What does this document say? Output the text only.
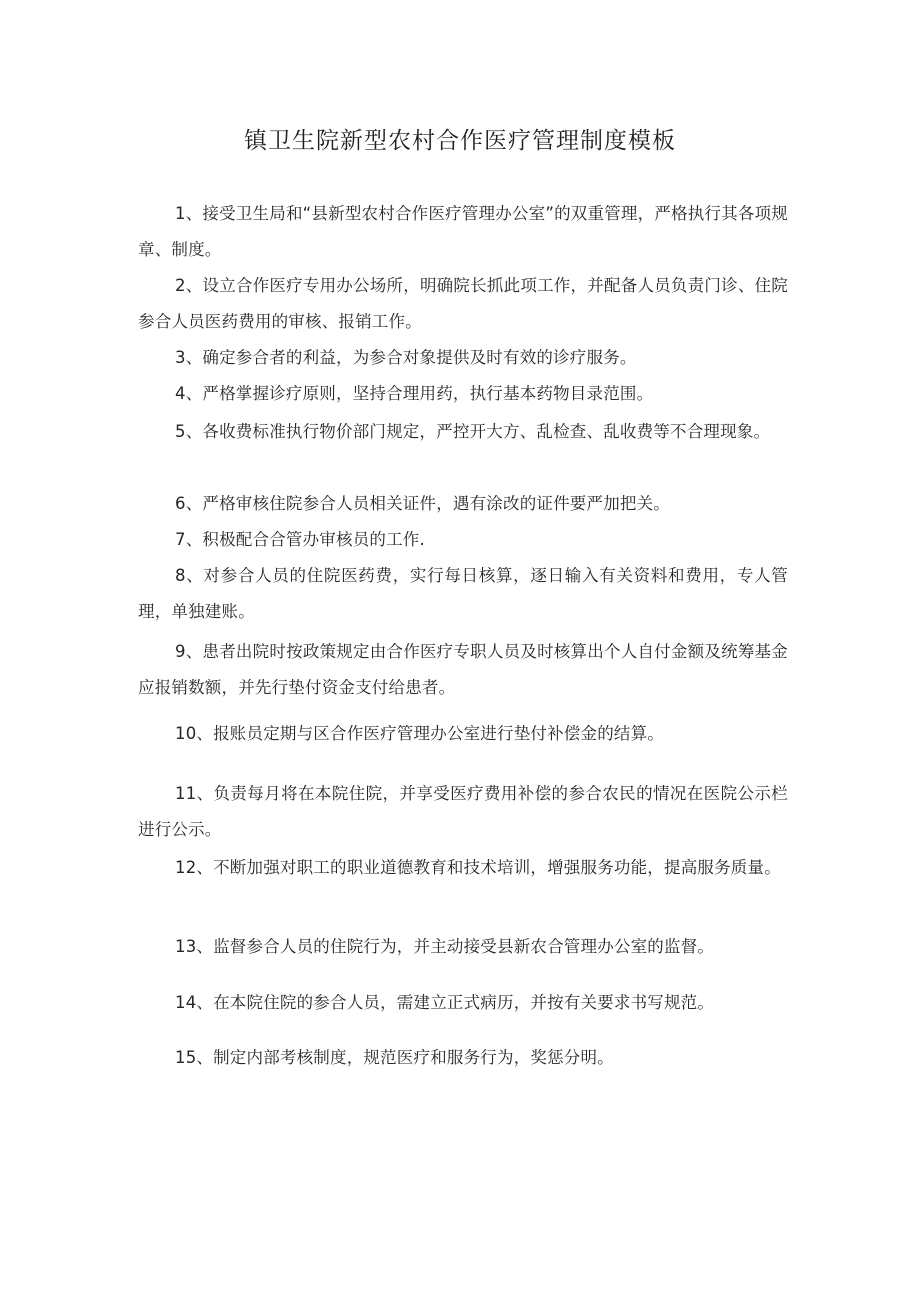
镇卫生院新型农村合作医疗管理制度模板

1、接受卫生局和“县新型农村合作医疗管理办公室”的双重管理，严格执行其各项规章、制度。

2、设立合作医疗专用办公场所，明确院长抓此项工作，并配备人员负责门诊、住院参合人员医药费用的审核、报销工作。

3、确定参合者的利益，为参合对象提供及时有效的诊疗服务。

4、严格掌握诊疗原则，坚持合理用药，执行基本药物目录范围。

5、各收费标准执行物价部门规定，严控开大方、乱检查、乱收费等不合理现象。

6、严格审核住院参合人员相关证件，遇有涂改的证件要严加把关。

7、积极配合合管办审核员的工作.

8、对参合人员的住院医药费，实行每日核算，逐日输入有关资料和费用，专人管理，单独建账。

9、患者出院时按政策规定由合作医疗专职人员及时核算出个人自付金额及统筹基金应报销数额，并先行垫付资金支付给患者。

10、报账员定期与区合作医疗管理办公室进行垫付补偿金的结算。

11、负责每月将在本院住院，并享受医疗费用补偿的参合农民的情况在医院公示栏进行公示。

12、不断加强对职工的职业道德教育和技术培训，增强服务功能，提高服务质量。

13、监督参合人员的住院行为，并主动接受县新农合管理办公室的监督。

14、在本院住院的参合人员，需建立正式病历，并按有关要求书写规范。

15、制定内部考核制度，规范医疗和服务行为，奖惩分明。
